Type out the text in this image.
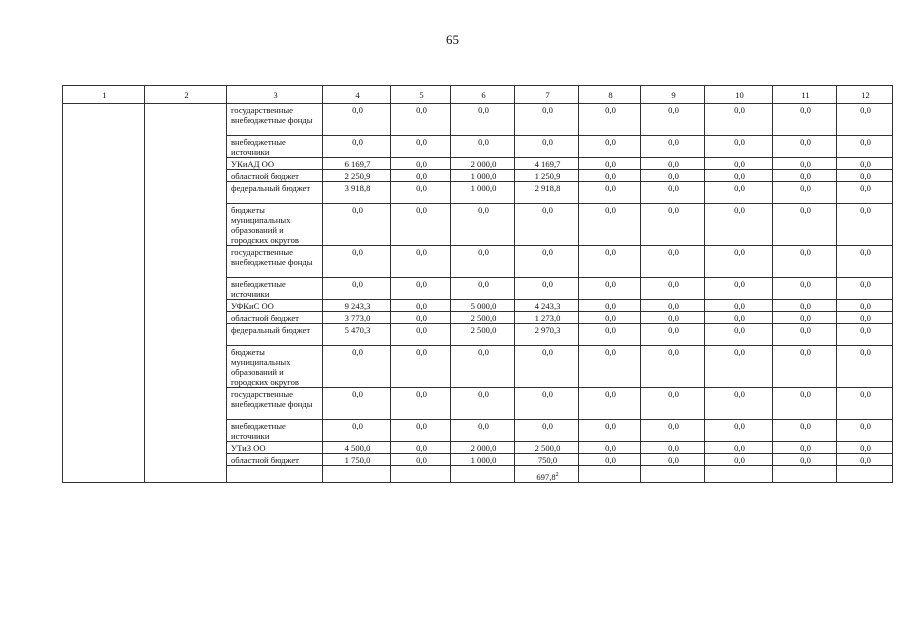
65
1	2	3	4	5	6	7	8	9	10	11	12
		государственные внебюджетные фонды	0,0	0,0	0,0	0,0	0,0	0,0	0,0	0,0	0,0
		внебюджетные источники	0,0	0,0	0,0	0,0	0,0	0,0	0,0	0,0	0,0
		УКиАД ОО	6 169,7	0,0	2 000,0	4 169,7	0,0	0,0	0,0	0,0	0,0
		областной бюджет	2 250,9	0,0	1 000,0	1 250,9	0,0	0,0	0,0	0,0	0,0
		федеральный бюджет	3 918,8	0,0	1 000,0	2 918,8	0,0	0,0	0,0	0,0	0,0
		бюджеты муниципальных образований и городских округов	0,0	0,0	0,0	0,0	0,0	0,0	0,0	0,0	0,0
		государственные внебюджетные фонды	0,0	0,0	0,0	0,0	0,0	0,0	0,0	0,0	0,0
		внебюджетные источники	0,0	0,0	0,0	0,0	0,0	0,0	0,0	0,0	0,0
		УФКиС ОО	9 243,3	0,0	5 000,0	4 243,3	0,0	0,0	0,0	0,0	0,0
		областной бюджет	3 773,0	0,0	2 500,0	1 273,0	0,0	0,0	0,0	0,0	0,0
		федеральный бюджет	5 470,3	0,0	2 500,0	2 970,3	0,0	0,0	0,0	0,0	0,0
		бюджеты муниципальных образований и городских округов	0,0	0,0	0,0	0,0	0,0	0,0	0,0	0,0	0,0
		государственные внебюджетные фонды	0,0	0,0	0,0	0,0	0,0	0,0	0,0	0,0	0,0
		внебюджетные источники	0,0	0,0	0,0	0,0	0,0	0,0	0,0	0,0	0,0
		УТиЗ ОО	4 500,0	0,0	2 000,0	2 500,0	0,0	0,0	0,0	0,0	0,0
		областной бюджет	1 750,0	0,0	1 000,0	750,0	0,0	0,0	0,0	0,0	0,0
						697,8$^2$					
